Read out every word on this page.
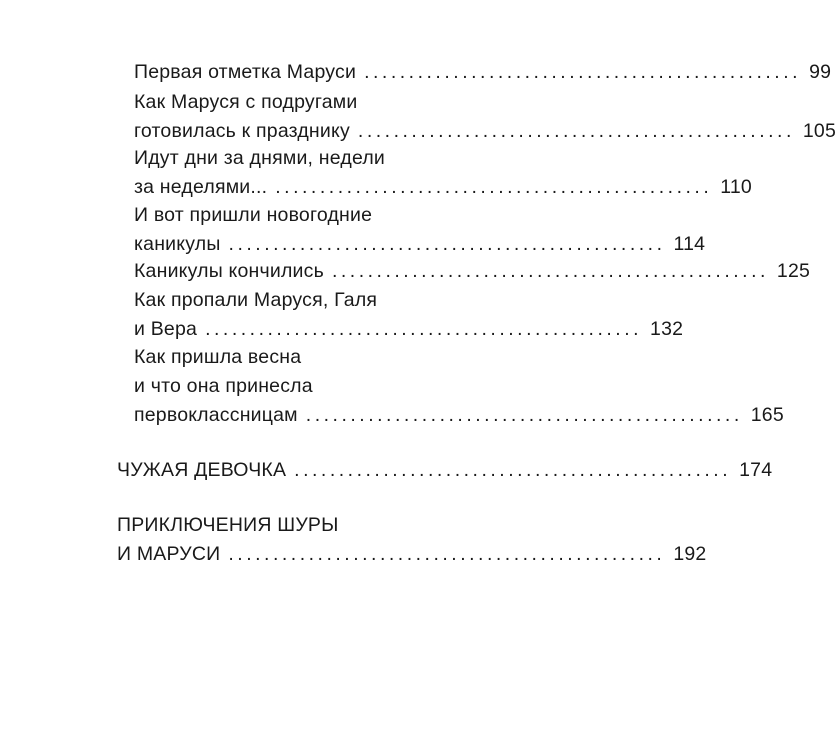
Первая отметка Маруси ................................................. 99
Как Маруся с подругами
готовилась к празднику ................................................. 105
Идут дни за днями, недели
за неделями... ................................................. 110
И вот пришли новогодние
каникулы ................................................. 114
Каникулы кончились ................................................. 125
Как пропали Маруся, Галя
и Вера ................................................. 132
Как пришла весна
и что она принесла
первоклассницам ................................................. 165
ЧУЖАЯ ДЕВОЧКА ................................................. 174
ПРИКЛЮЧЕНИЯ ШУРЫ
И МАРУСИ ................................................. 192
